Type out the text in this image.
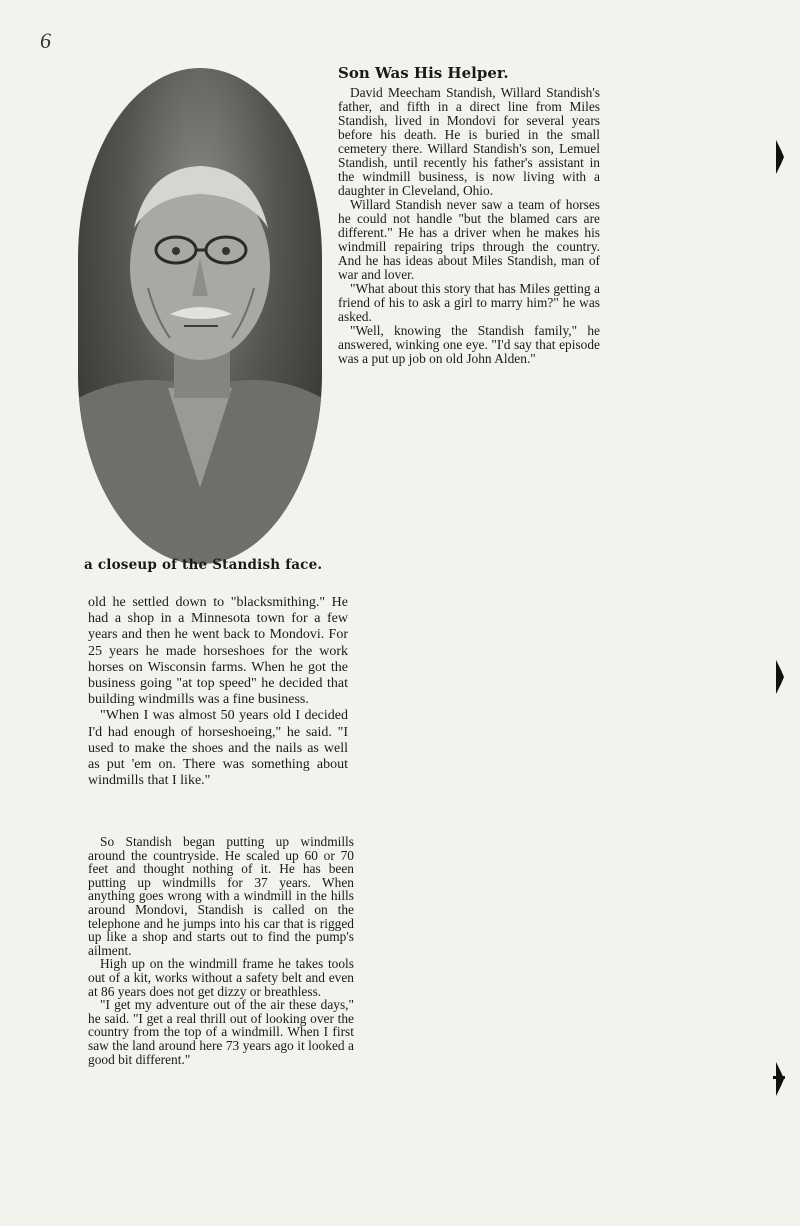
6

a closeup of the Standish face.

Son Was His Helper.

David Meecham Standish, Willard Standish's father, and fifth in a direct line from Miles Standish, lived in Mondovi for several years before his death. He is buried in the small cemetery there. Willard Standish's son, Lemuel Standish, until recently his father's assistant in the windmill business, is now living with a daughter in Cleveland, Ohio.

Willard Standish never saw a team of horses he could not handle "but the blamed cars are different." He has a driver when he makes his windmill repairing trips through the country. And he has ideas about Miles Standish, man of war and lover.

"What about this story that has Miles getting a friend of his to ask a girl to marry him?" he was asked.

"Well, knowing the Standish family," he answered, winking one eye. "I'd say that episode was a put up job on old John Alden."

old he settled down to "blacksmithing." He had a shop in a Minnesota town for a few years and then he went back to Mondovi. For 25 years he made horseshoes for the work horses on Wisconsin farms. When he got the business going "at top speed" he decided that building windmills was a fine business.

"When I was almost 50 years old I decided I'd had enough of horseshoeing," he said. "I used to make the shoes and the nails as well as put 'em on. There was something about windmills that I like."

So Standish began putting up windmills around the countryside. He scaled up 60 or 70 feet and thought nothing of it. He has been putting up windmills for 37 years. When anything goes wrong with a windmill in the hills around Mondovi, Standish is called on the telephone and he jumps into his car that is rigged up like a shop and starts out to find the pump's ailment.

High up on the windmill frame he takes tools out of a kit, works without a safety belt and even at 86 years does not get dizzy or breathless.

"I get my adventure out of the air these days," he said. "I get a real thrill out of looking over the country from the top of a windmill. When I first saw the land around here 73 years ago it looked a good bit different."
